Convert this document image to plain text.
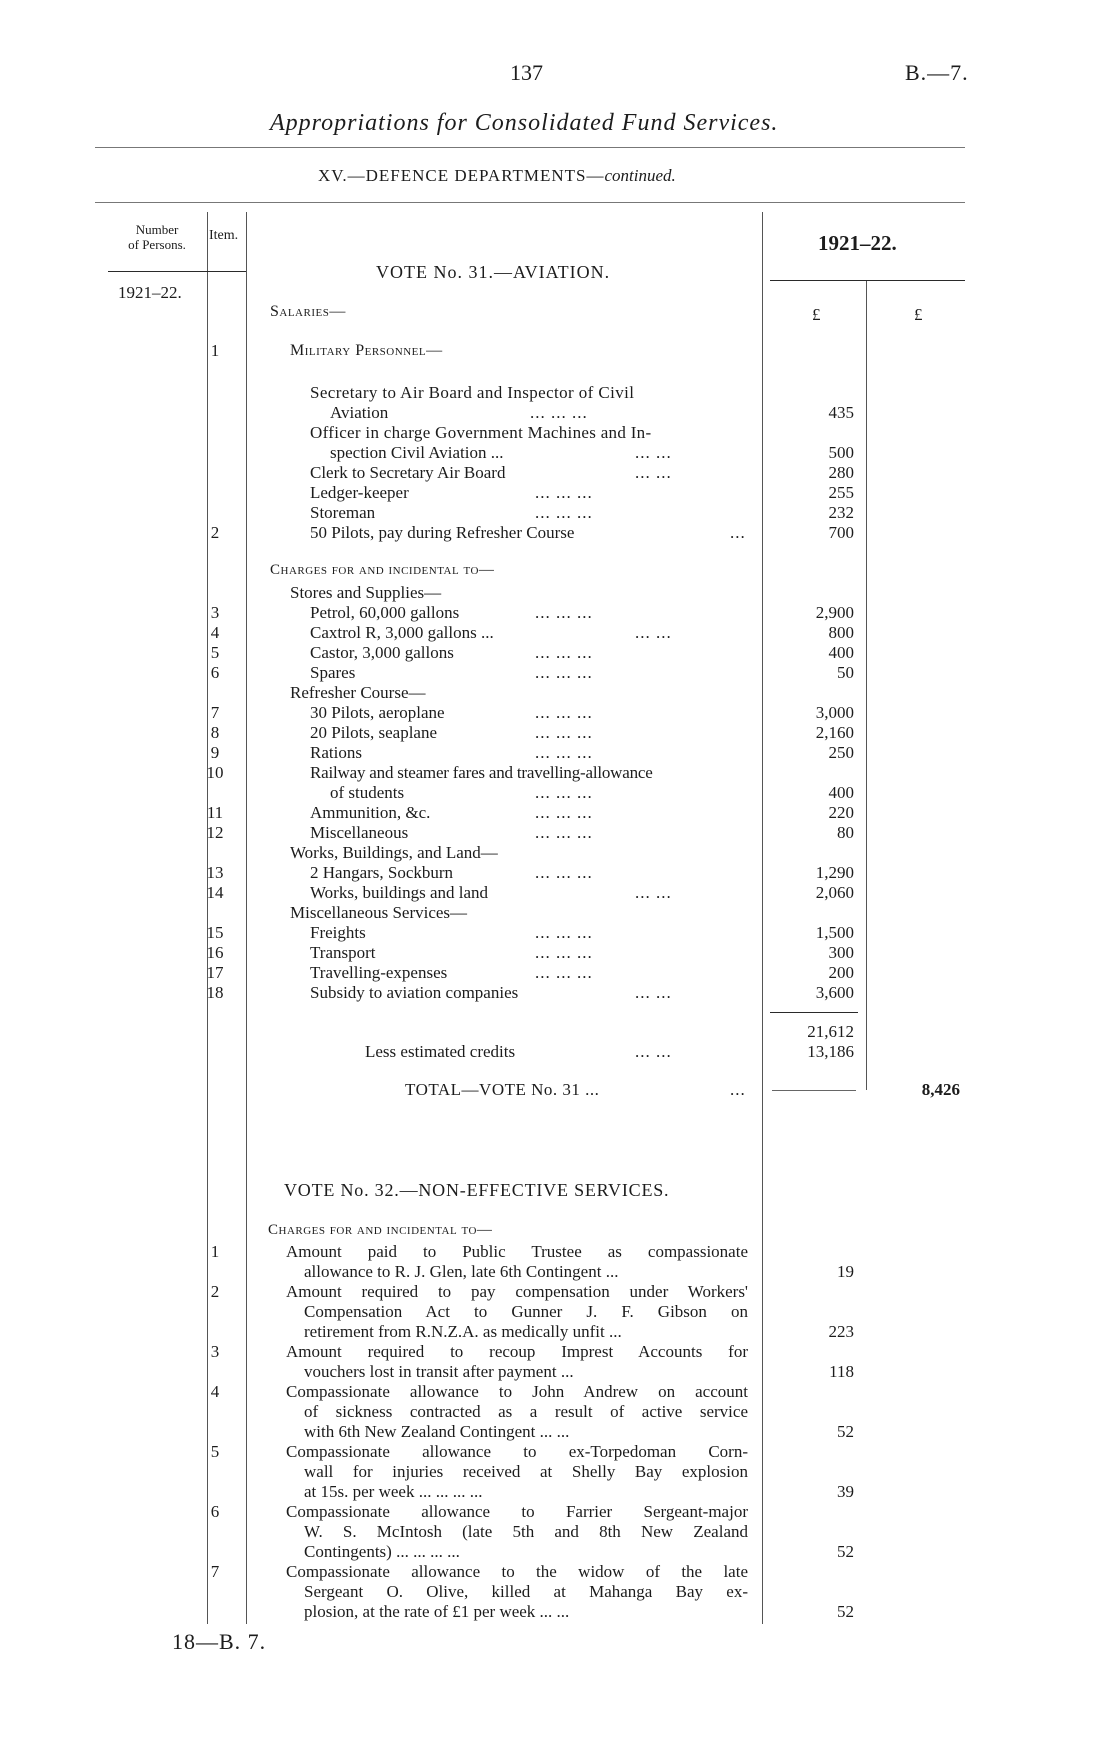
137	B.—7.
Appropriations for Consolidated Fund Services.
XV.—DEFENCE DEPARTMENTS—continued.
Number
of Persons.
Item.	1921–22.
1921–22.
£	£
VOTE No. 31.—AVIATION.
Salaries—
1	Military Personnel—
Secretary to Air Board and Inspector of Civil
Aviation	... ... ...	435
Officer in charge Government Machines and In-
spection Civil Aviation ...	... ...	500
Clerk to Secretary Air Board	... ...	280
Ledger-keeper	... ... ...	255
Storeman	... ... ...	232
2	50 Pilots, pay during Refresher Course	...	700
Charges for and incidental to—
Stores and Supplies—
3	Petrol, 60,000 gallons	... ... ...	2,900
4	Caxtrol R, 3,000 gallons ...	... ...	800
5	Castor, 3,000 gallons	... ... ...	400
6	Spares	... ... ...	50
Refresher Course—
7	30 Pilots, aeroplane	... ... ...	3,000
8	20 Pilots, seaplane	... ... ...	2,160
9	Rations	... ... ...	250
10	Railway and steamer fares and travelling-allowance
of students	... ... ...	400
11	Ammunition, &c.	... ... ...	220
12	Miscellaneous	... ... ...	80
Works, Buildings, and Land—
13	2 Hangars, Sockburn	... ... ...	1,290
14	Works, buildings and land	... ...	2,060
Miscellaneous Services—
15	Freights	... ... ...	1,500
16	Transport	... ... ...	300
17	Travelling-expenses	... ... ...	200
18	Subsidy to aviation companies	... ...	3,600
21,612
Less estimated credits	... ...	13,186
TOTAL—VOTE No. 31 ...	...	8,426
VOTE No. 32.—NON-EFFECTIVE SERVICES.
Charges for and incidental to—
1	Amount paid to Public Trustee as compassionate
allowance to R. J. Glen, late 6th Contingent ...	19
2	Amount required to pay compensation under Workers'
Compensation Act to Gunner J. F. Gibson on
retirement from R.N.Z.A. as medically unfit ...	223
3	Amount required to recoup Imprest Accounts for
vouchers lost in transit after payment ...	118
4	Compassionate allowance to John Andrew on account
of sickness contracted as a result of active service
with 6th New Zealand Contingent ... ...	52
5	Compassionate allowance to ex-Torpedoman Corn-
wall for injuries received at Shelly Bay explosion
at 15s. per week ... ... ... ...	39
6	Compassionate allowance to Farrier Sergeant-major
W. S. McIntosh (late 5th and 8th New Zealand
Contingents) ... ... ... ...	52
7	Compassionate allowance to the widow of the late
Sergeant O. Olive, killed at Mahanga Bay ex-
plosion, at the rate of £1 per week ... ...	52
18—B. 7.
